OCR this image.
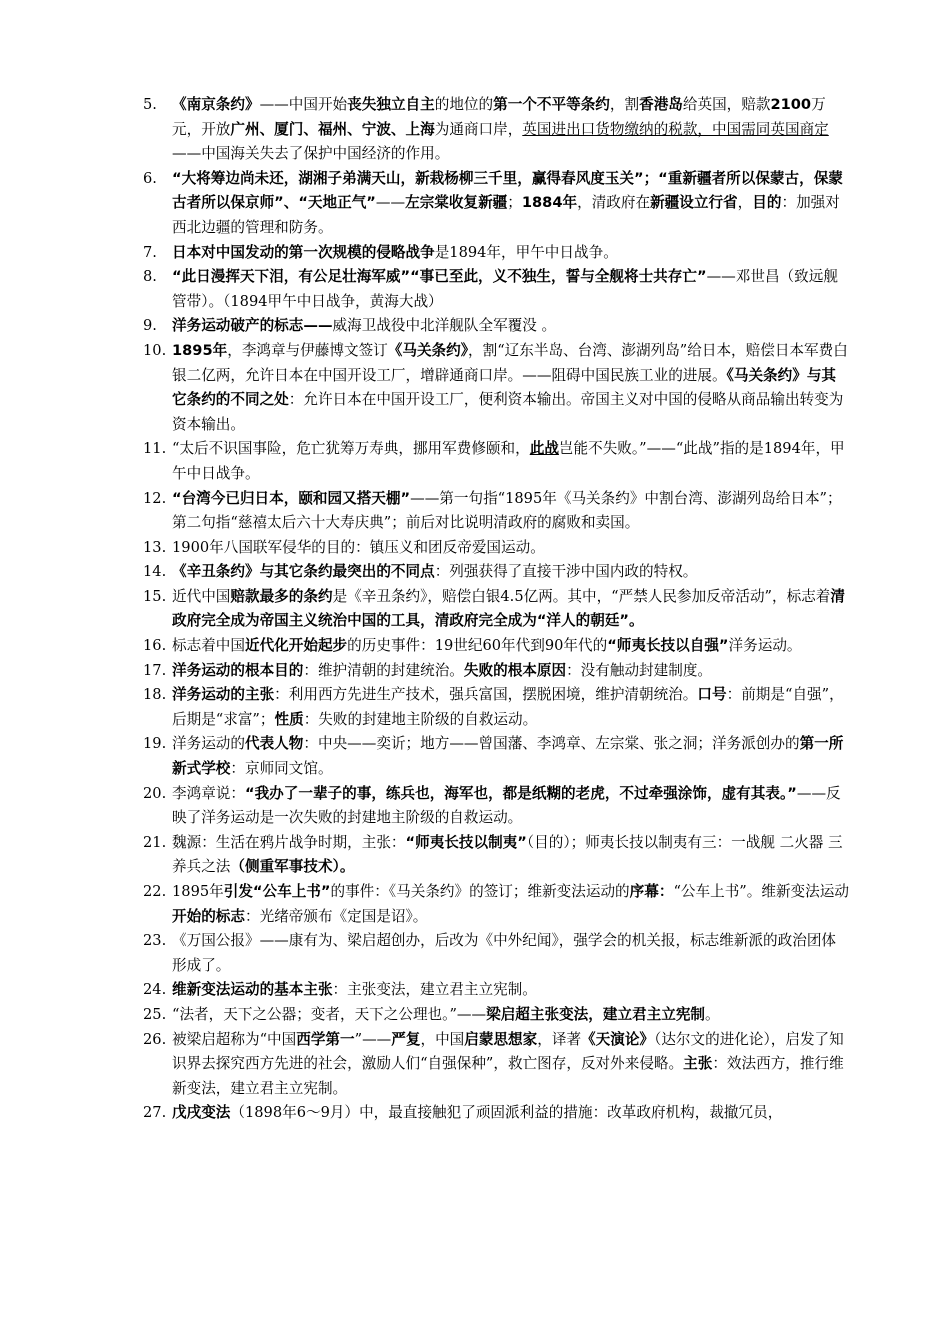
5.	《南京条约》——中国开始丧失独立自主的地位的第一个不平等条约，割香港岛给英国，赔款2100万元，开放广州、厦门、福州、宁波、上海为通商口岸，英国进出口货物缴纳的税款，中国需同英国商定——中国海关失去了保护中国经济的作用。
6.	“大将筹边尚未还，湖湘子弟满天山，新栽杨柳三千里，赢得春风度玉关”；“重新疆者所以保蒙古，保蒙古者所以保京师”、“天地正气”——左宗棠收复新疆；1884年，清政府在新疆设立行省，目的：加强对西北边疆的管理和防务。
7.	日本对中国发动的第一次规模的侵略战争是1894年，甲午中日战争。
8.	“此日漫挥天下泪，有公足壮海军威”“事已至此，义不独生，誓与全舰将士共存亡”——邓世昌（致远舰管带）。（1894甲午中日战争，黄海大战）
9.	洋务运动破产的标志——威海卫战役中北洋舰队全军覆没 。
10. 1895年，李鸿章与伊藤博文签订《马关条约》，割“辽东半岛、台湾、澎湖列岛”给日本，赔偿日本军费白银二亿两，允许日本在中国开设工厂，增辟通商口岸。——阻碍中国民族工业的进展。《马关条约》与其它条约的不同之处：允许日本在中国开设工厂，便利资本输出。帝国主义对中国的侵略从商品输出转变为资本输出。
11. “太后不识国事险，危亡犹筹万寿典，挪用军费修颐和，此战岂能不失败。”——“此战”指的是1894年，甲午中日战争。
12. “台湾今已归日本，颐和园又搭天棚”——第一句指“1895年《马关条约》中割台湾、澎湖列岛给日本”；第二句指“慈禧太后六十大寿庆典”；前后对比说明清政府的腐败和卖国。
13. 1900年八国联军侵华的目的：镇压义和团反帝爱国运动。
14. 《辛丑条约》与其它条约最突出的不同点：列强获得了直接干涉中国内政的特权。
15. 近代中国赔款最多的条约是《辛丑条约》，赔偿白银4.5亿两。其中，“严禁人民参加反帝活动”，标志着清政府完全成为帝国主义统治中国的工具，清政府完全成为“洋人的朝廷”。
16. 标志着中国近代化开始起步的历史事件：19世纪60年代到90年代的“师夷长技以自强”洋务运动。
17. 洋务运动的根本目的：维护清朝的封建统治。失败的根本原因：没有触动封建制度。
18. 洋务运动的主张：利用西方先进生产技术，强兵富国，摆脱困境，维护清朝统治。口号：前期是“自强”，后期是“求富”；性质：失败的封建地主阶级的自救运动。
19. 洋务运动的代表人物：中央——奕䜣；地方——曾国藩、李鸿章、左宗棠、张之洞；洋务派创办的第一所新式学校：京师同文馆。
20. 李鸿章说：“我办了一辈子的事，练兵也，海军也，都是纸糊的老虎，不过牵强涂饰，虚有其表。”——反映了洋务运动是一次失败的封建地主阶级的自救运动。
21. 魏源：生活在鸦片战争时期，主张：“师夷长技以制夷”（目的）；师夷长技以制夷有三：一战舰 二火器 三养兵之法（侧重军事技术）。
22. 1895年引发“公车上书”的事件：《马关条约》的签订；维新变法运动的序幕：“公车上书”。维新变法运动开始的标志：光绪帝颁布《定国是诏》。
23. 《万国公报》——康有为、梁启超创办，后改为《中外纪闻》，强学会的机关报，标志维新派的政治团体形成了。
24. 维新变法运动的基本主张：主张变法，建立君主立宪制。
25. “法者，天下之公器；变者，天下之公理也。”——梁启超主张变法，建立君主立宪制。
26. 被梁启超称为“中国西学第一”——严复，中国启蒙思想家，译著《天演论》（达尔文的进化论），启发了知识界去探究西方先进的社会，激励人们“自强保种”，救亡图存，反对外来侵略。主张：效法西方，推行维新变法，建立君主立宪制。
27. 戊戌变法（1898年6～9月）中，最直接触犯了顽固派利益的措施：改革政府机构，裁撤冗员，
